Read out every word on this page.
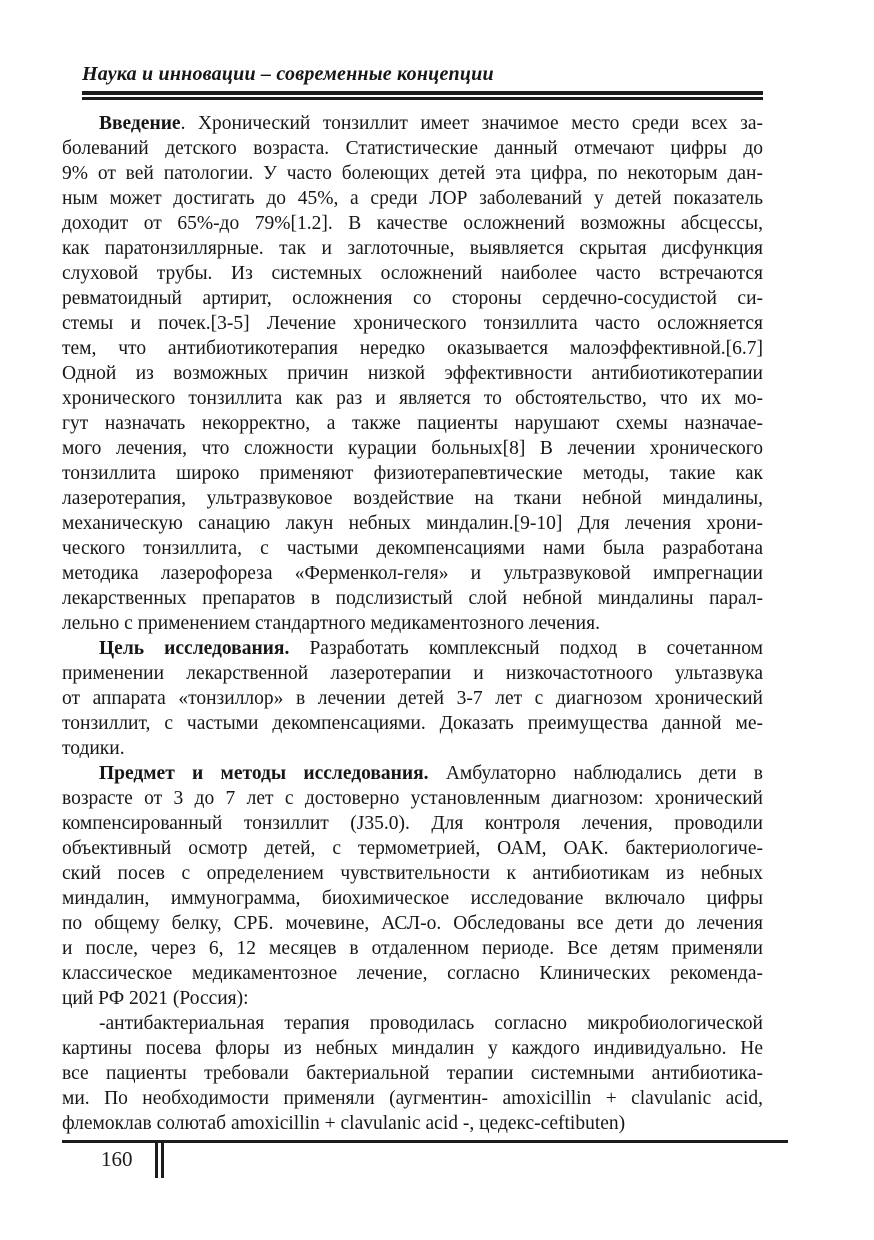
Наука и инновации – современные концепции
Введение. Хронический тонзиллит имеет значимое место среди всех за-
болеваний детского возраста. Статистические данный отмечают цифры до
9% от вей патологии. У часто болеющих детей эта цифра, по некоторым дан-
ным может достигать до 45%, а среди ЛОР заболеваний у детей показатель
доходит от 65%-до 79%[1.2]. В качестве осложнений возможны абсцессы,
как паратонзиллярные. так и заглоточные, выявляется скрытая дисфункция
слуховой трубы. Из системных осложнений наиболее часто встречаются
ревматоидный артирит, осложнения со стороны сердечно-сосудистой си-
стемы и почек.[3-5] Лечение хронического тонзиллита часто осложняется
тем, что антибиотикотерапия нередко оказывается малоэффективной.[6.7]
Одной из возможных причин низкой эффективности антибиотикотерапии
хронического тонзиллита как раз и является то обстоятельство, что их мо-
гут назначать некорректно, а также пациенты нарушают схемы назначае-
мого лечения, что сложности курации больных[8] В лечении хронического
тонзиллита широко применяют физиотерапевтические методы, такие как
лазеротерапия, ультразвуковое воздействие на ткани небной миндалины,
механическую санацию лакун небных миндалин.[9-10] Для лечения хрони-
ческого тонзиллита, с частыми декомпенсациями нами была разработана
методика лазерофореза «Ферменкол-геля» и ультразвуковой импрегнации
лекарственных препаратов в подслизистый слой небной миндалины парал-
лельно с применением стандартного медикаментозного лечения.
Цель исследования. Разработать комплексный подход в сочетанном
применении лекарственной лазеротерапии и низкочастотноого ультазвука
от аппарата «тонзиллор» в лечении детей 3-7 лет с диагнозом хронический
тонзиллит, с частыми декомпенсациями. Доказать преимущества данной ме-
тодики.
Предмет и методы исследования. Амбулаторно наблюдались дети в
возрасте от 3 до 7 лет с достоверно установленным диагнозом: хронический
компенсированный тонзиллит (J35.0). Для контроля лечения, проводили
объективный осмотр детей, с термометрией, ОАМ, ОАК. бактериологиче-
ский посев с определением чувствительности к антибиотикам из небных
миндалин, иммунограмма, биохимическое исследование включало цифры
по общему белку, СРБ. мочевине, АСЛ-о. Обследованы все дети до лечения
и после, через 6, 12 месяцев в отдаленном периоде. Все детям применяли
классическое медикаментозное лечение, согласно Клинических рекоменда-
ций РФ 2021 (Россия):
-антибактериальная терапия проводилась согласно микробиологической
картины посева флоры из небных миндалин у каждого индивидуально. Не
все пациенты требовали бактериальной терапии системными антибиотика-
ми. По необходимости применяли (аугментин- amoxicillin + clavulanic acid,
флемоклав солютаб amoxicillin + clavulanic acid -, цедекс-ceftibuten)
160
